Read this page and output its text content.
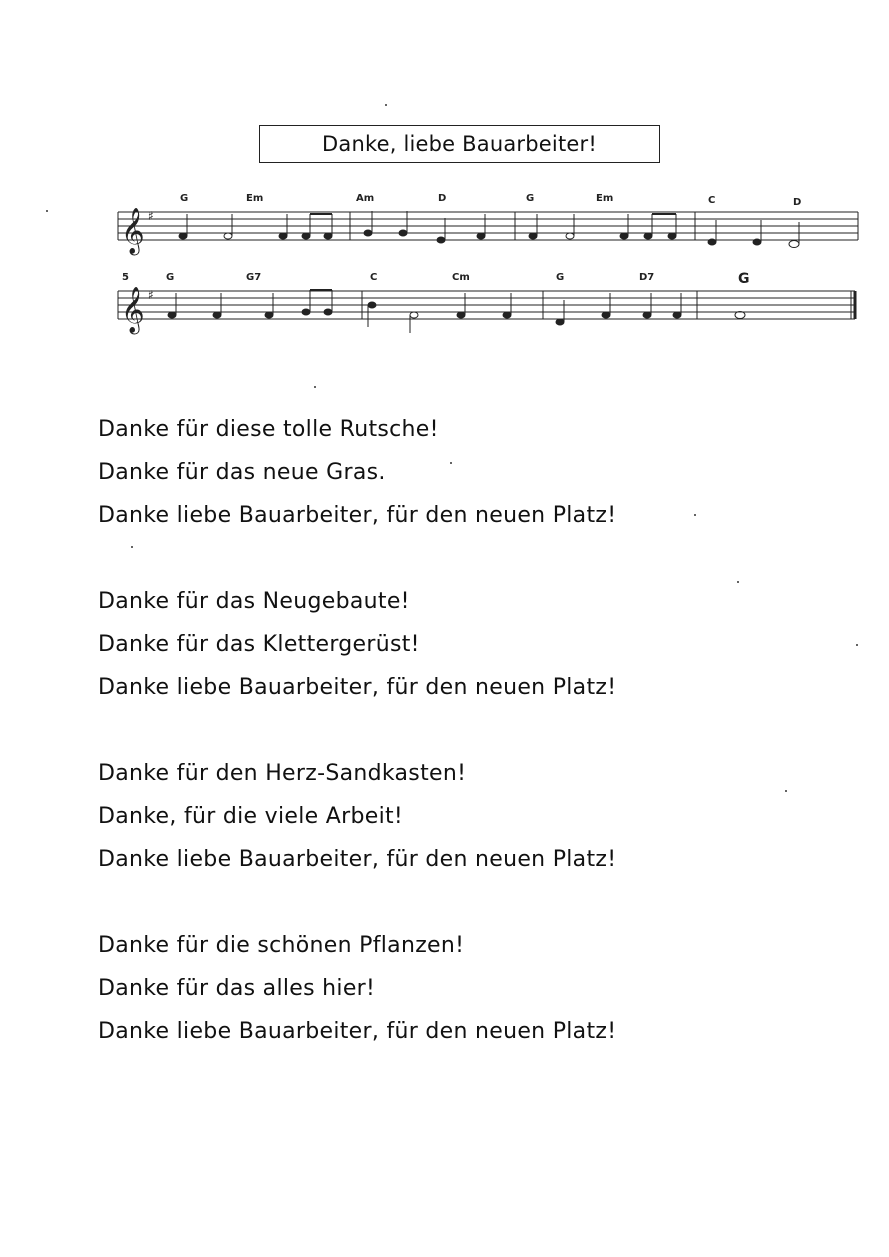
Danke, liebe Bauarbeiter!
𝄞 ♯
G	Em	Am	D	G	Em	C	D
𝄞 ♯
5	G	G7	C	Cm	G	D7	G
Danke für diese tolle Rutsche!
Danke für das neue Gras.
Danke liebe Bauarbeiter, für den neuen Platz!
Danke für das Neugebaute!
Danke für das Klettergerüst!
Danke liebe Bauarbeiter, für den neuen Platz!
Danke für den Herz-Sandkasten!
Danke, für die viele Arbeit!
Danke liebe Bauarbeiter, für den neuen Platz!
Danke für die schönen Pflanzen!
Danke für das alles hier!
Danke liebe Bauarbeiter, für den neuen Platz!
